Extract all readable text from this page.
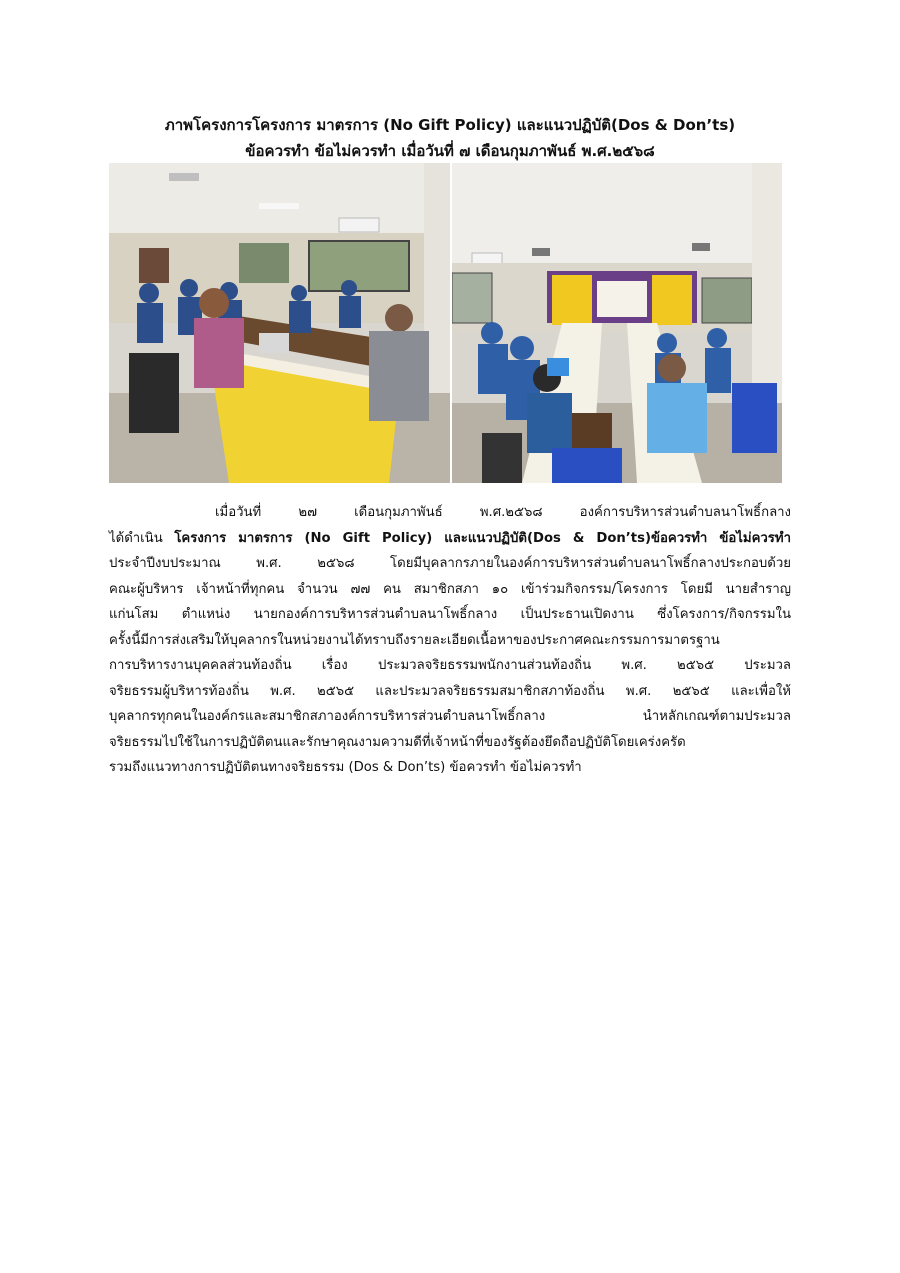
ภาพโครงการโครงการ มาตรการ (No Gift Policy) และแนวปฏิบัติ(Dos & Don’ts)
ข้อควรทำ ข้อไม่ควรทำ เมื่อวันที่ ๗ เดือนกุมภาพันธ์ พ.ศ.๒๕๖๘
เมื่อวันที่ ๒๗ เดือนกุมภาพันธ์ พ.ศ.๒๕๖๘ องค์การบริหารส่วนตำบลนาโพธิ์กลาง
ได้ดำเนิน โครงการ มาตรการ (No Gift Policy) และแนวปฏิบัติ(Dos & Don’ts)ข้อควรทำ ข้อไม่ควรทำ
ประจำปีงบประมาณ พ.ศ. ๒๕๖๘ โดยมีบุคลากรภายในองค์การบริหารส่วนตำบลนาโพธิ์กลางประกอบด้วย
คณะผู้บริหาร เจ้าหน้าที่ทุกคน จำนวน ๗๗ คน สมาชิกสภา ๑๐ เข้าร่วมกิจกรรม/โครงการ โดยมี นายสำราญ
แก่นโสม ตำแหน่ง นายกองค์การบริหารส่วนตำบลนาโพธิ์กลาง เป็นประธานเปิดงาน ซึ่งโครงการ/กิจกรรมใน
ครั้งนี้มีการส่งเสริมให้บุคลากรในหน่วยงานได้ทราบถึงรายละเอียดเนื้อหาของประกาศคณะกรรมการมาตรฐาน
การบริหารงานบุคคลส่วนท้องถิ่น เรื่อง ประมวลจริยธรรมพนักงานส่วนท้องถิ่น พ.ศ. ๒๕๖๕ ประมวล
จริยธรรมผู้บริหารท้องถิ่น พ.ศ. ๒๕๖๕ และประมวลจริยธรรมสมาชิกสภาท้องถิ่น พ.ศ. ๒๕๖๕ และเพื่อให้
บุคลากรทุกคนในองค์กรและสมาชิกสภาองค์การบริหารส่วนตำบลนาโพธิ์กลาง นำหลักเกณฑ์ตามประมวล
จริยธรรมไปใช้ในการปฏิบัติตนและรักษาคุณงามความดีที่เจ้าหน้าที่ของรัฐต้องยึดถือปฏิบัติโดยเคร่งครัด
รวมถึงแนวทางการปฏิบัติตนทางจริยธรรม (Dos & Don’ts) ข้อควรทำ ข้อไม่ควรทำ
